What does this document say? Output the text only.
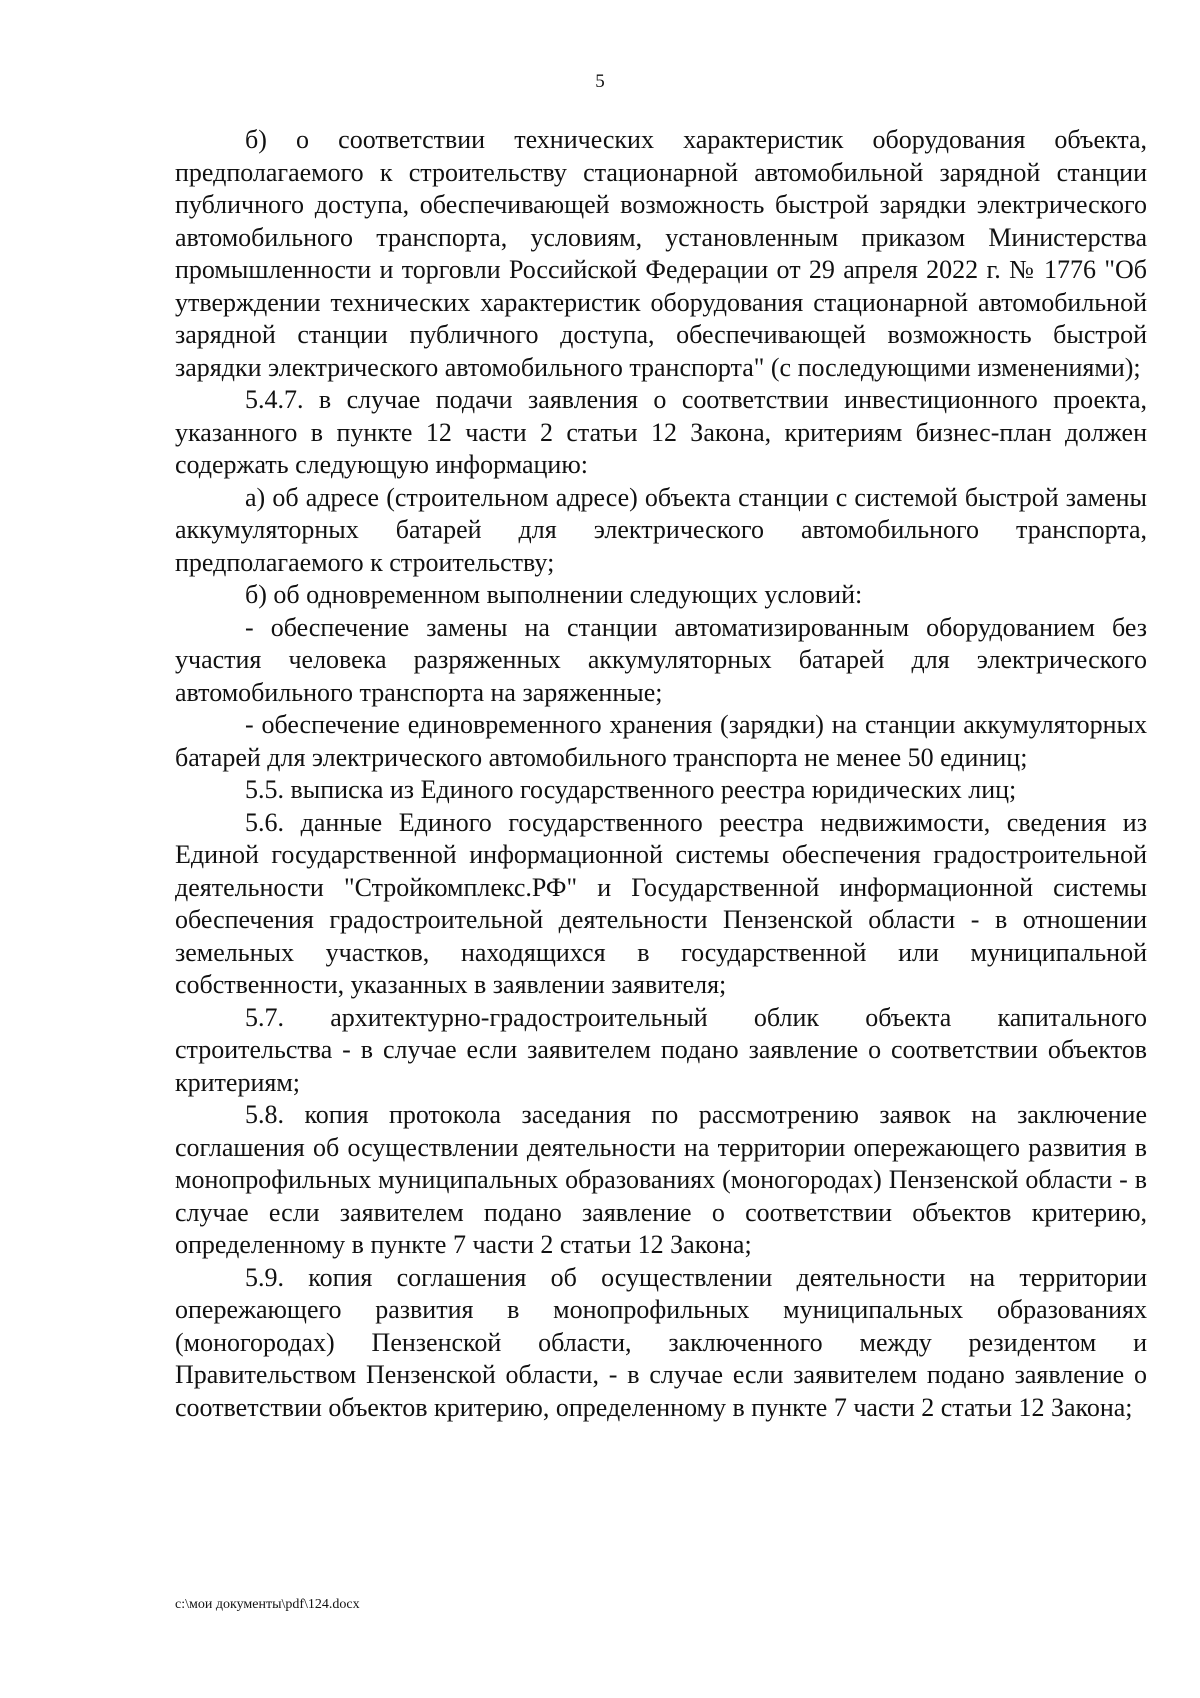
5

б) о соответствии технических характеристик оборудования объекта, предполагаемого к строительству стационарной автомобильной зарядной станции публичного доступа, обеспечивающей возможность быстрой зарядки электрического автомобильного транспорта, условиям, установленным приказом Министерства промышленности и торговли Российской Федерации от 29 апреля 2022 г. № 1776 "Об утверждении технических характеристик оборудования стационарной автомобильной зарядной станции публичного доступа, обеспечивающей возможность быстрой зарядки электрического автомобильного транспорта" (с последующими изменениями);

5.4.7. в случае подачи заявления о соответствии инвестиционного проекта, указанного в пункте 12 части 2 статьи 12 Закона, критериям бизнес-план должен содержать следующую информацию:

а) об адресе (строительном адресе) объекта станции с системой быстрой замены аккумуляторных батарей для электрического автомобильного транспорта, предполагаемого к строительству;

б) об одновременном выполнении следующих условий:

- обеспечение замены на станции автоматизированным оборудованием без участия человека разряженных аккумуляторных батарей для электрического автомобильного транспорта на заряженные;

- обеспечение единовременного хранения (зарядки) на станции аккумуляторных батарей для электрического автомобильного транспорта не менее 50 единиц;

5.5. выписка из Единого государственного реестра юридических лиц;

5.6. данные Единого государственного реестра недвижимости, сведения из Единой государственной информационной системы обеспечения градостроительной деятельности "Стройкомплекс.РФ" и Государственной информационной системы обеспечения градостроительной деятельности Пензенской области - в отношении земельных участков, находящихся в государственной или муниципальной собственности, указанных в заявлении заявителя;

5.7. архитектурно-градостроительный облик объекта капитального строительства - в случае если заявителем подано заявление о соответствии объектов критериям;

5.8. копия протокола заседания по рассмотрению заявок на заключение соглашения об осуществлении деятельности на территории опережающего развития в монопрофильных муниципальных образованиях (моногородах) Пензенской области - в случае если заявителем подано заявление о соответствии объектов критерию, определенному в пункте 7 части 2 статьи 12 Закона;

5.9. копия соглашения об осуществлении деятельности на территории опережающего развития в монопрофильных муниципальных образованиях (моногородах) Пензенской области, заключенного между резидентом и Правительством Пензенской области, - в случае если заявителем подано заявление о соответствии объектов критерию, определенному в пункте 7 части 2 статьи 12 Закона;

c:\мои документы\pdf\124.docx
